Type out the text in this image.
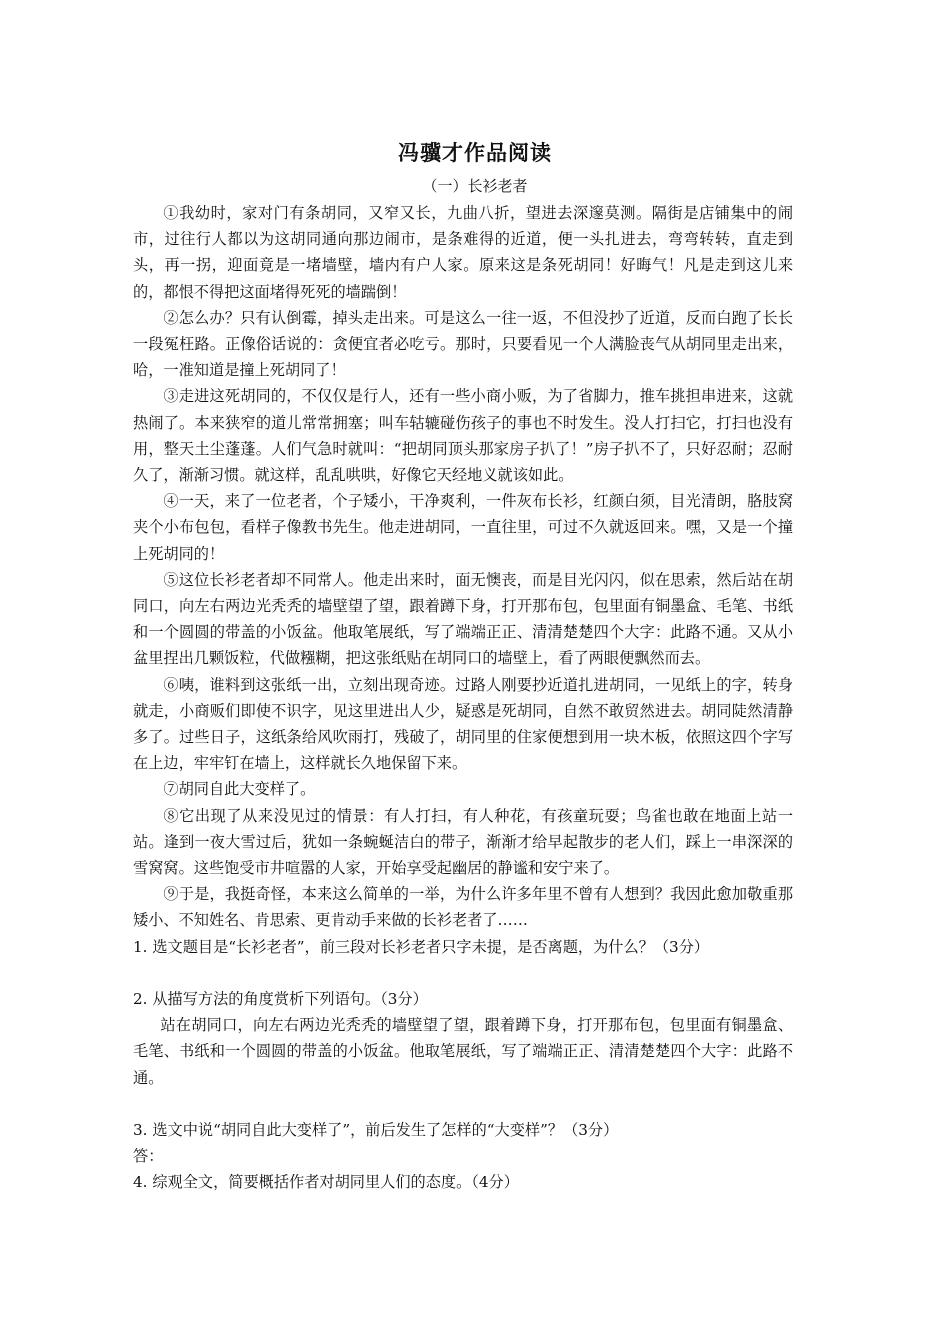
冯骥才作品阅读
（一）长衫老者

①我幼时，家对门有条胡同，又窄又长，九曲八折，望进去深邃莫测。隔街是店铺集中的闹市，过往行人都以为这胡同通向那边闹市，是条难得的近道，便一头扎进去，弯弯转转，直走到头，再一拐，迎面竟是一堵墙壁，墙内有户人家。原来这是条死胡同！好晦气！凡是走到这儿来的，都恨不得把这面堵得死死的墙踹倒！

②怎么办？只有认倒霉，掉头走出来。可是这么一往一返，不但没抄了近道，反而白跑了长长一段冤枉路。正像俗话说的：贪便宜者必吃亏。那时，只要看见一个人满脸丧气从胡同里走出来，哈，一准知道是撞上死胡同了！

③走进这死胡同的，不仅仅是行人，还有一些小商小贩，为了省脚力，推车挑担串进来，这就热闹了。本来狭窄的道儿常常拥塞；叫车轱辘碰伤孩子的事也不时发生。没人打扫它，打扫也没有用，整天土尘蓬蓬。人们气急时就叫：“把胡同顶头那家房子扒了！”房子扒不了，只好忍耐；忍耐久了，渐渐习惯。就这样，乱乱哄哄，好像它天经地义就该如此。

④一天，来了一位老者，个子矮小，干净爽利，一件灰布长衫，红颜白须，目光清朗，胳肢窝夹个小布包包，看样子像教书先生。他走进胡同，一直往里，可过不久就返回来。嘿，又是一个撞上死胡同的！

⑤这位长衫老者却不同常人。他走出来时，面无懊丧，而是目光闪闪，似在思索，然后站在胡同口，向左右两边光秃秃的墙壁望了望，跟着蹲下身，打开那布包，包里面有铜墨盒、毛笔、书纸和一个圆圆的带盖的小饭盆。他取笔展纸，写了端端正正、清清楚楚四个大字：此路不通。又从小盆里捏出几颗饭粒，代做糨糊，把这张纸贴在胡同口的墙壁上，看了两眼便飘然而去。

⑥咦，谁料到这张纸一出，立刻出现奇迹。过路人刚要抄近道扎进胡同，一见纸上的字，转身就走，小商贩们即使不识字，见这里进出人少，疑惑是死胡同，自然不敢贸然进去。胡同陡然清静多了。过些日子，这纸条给风吹雨打，残破了，胡同里的住家便想到用一块木板，依照这四个字写在上边，牢牢钉在墙上，这样就长久地保留下来。

⑦胡同自此大变样了。

⑧它出现了从来没见过的情景：有人打扫，有人种花，有孩童玩耍；鸟雀也敢在地面上站一站。逢到一夜大雪过后，犹如一条蜿蜒洁白的带子，渐渐才给早起散步的老人们，踩上一串深深的雪窝窝。这些饱受市井喧嚣的人家，开始享受起幽居的静谧和安宁来了。

⑨于是，我挺奇怪，本来这么简单的一举，为什么许多年里不曾有人想到？我因此愈加敬重那矮小、不知姓名、肯思索、更肯动手来做的长衫老者了……

1. 选文题目是“长衫老者”，前三段对长衫老者只字未提，是否离题，为什么？（3分）

2. 从描写方法的角度赏析下列语句。（3分）

站在胡同口，向左右两边光秃秃的墙壁望了望，跟着蹲下身，打开那布包，包里面有铜墨盒、毛笔、书纸和一个圆圆的带盖的小饭盆。他取笔展纸，写了端端正正、清清楚楚四个大字：此路不通。

3. 选文中说“胡同自此大变样了”，前后发生了怎样的“大变样”？（3分）

答：

4. 综观全文，简要概括作者对胡同里人们的态度。（4分）
